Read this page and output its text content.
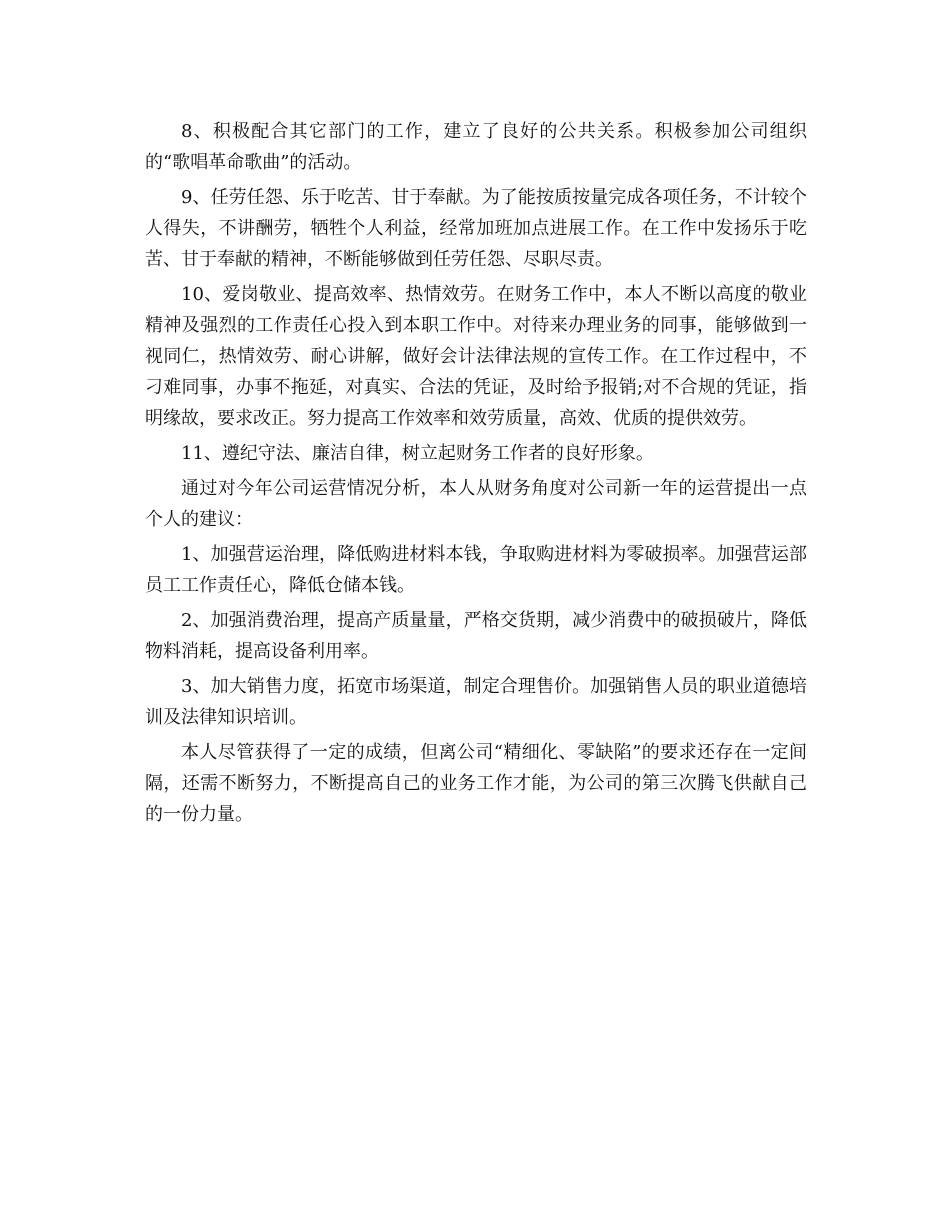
8、积极配合其它部门的工作，建立了良好的公共关系。积极参加公司组织的“歌唱革命歌曲”的活动。

9、任劳任怨、乐于吃苦、甘于奉献。为了能按质按量完成各项任务，不计较个人得失，不讲酬劳，牺牲个人利益，经常加班加点进展工作。在工作中发扬乐于吃苦、甘于奉献的精神，不断能够做到任劳任怨、尽职尽责。

10、爱岗敬业、提高效率、热情效劳。在财务工作中，本人不断以高度的敬业精神及强烈的工作责任心投入到本职工作中。对待来办理业务的同事，能够做到一视同仁，热情效劳、耐心讲解，做好会计法律法规的宣传工作。在工作过程中，不刁难同事，办事不拖延，对真实、合法的凭证，及时给予报销;对不合规的凭证，指明缘故，要求改正。努力提高工作效率和效劳质量，高效、优质的提供效劳。

11、遵纪守法、廉洁自律，树立起财务工作者的良好形象。

通过对今年公司运营情况分析，本人从财务角度对公司新一年的运营提出一点个人的建议：

1、加强营运治理，降低购进材料本钱，争取购进材料为零破损率。加强营运部员工工作责任心，降低仓储本钱。

2、加强消费治理，提高产质量量，严格交货期，减少消费中的破损破片，降低物料消耗，提高设备利用率。

3、加大销售力度，拓宽市场渠道，制定合理售价。加强销售人员的职业道德培训及法律知识培训。

本人尽管获得了一定的成绩，但离公司“精细化、零缺陷”的要求还存在一定间隔，还需不断努力，不断提高自己的业务工作才能，为公司的第三次腾飞供献自己的一份力量。
